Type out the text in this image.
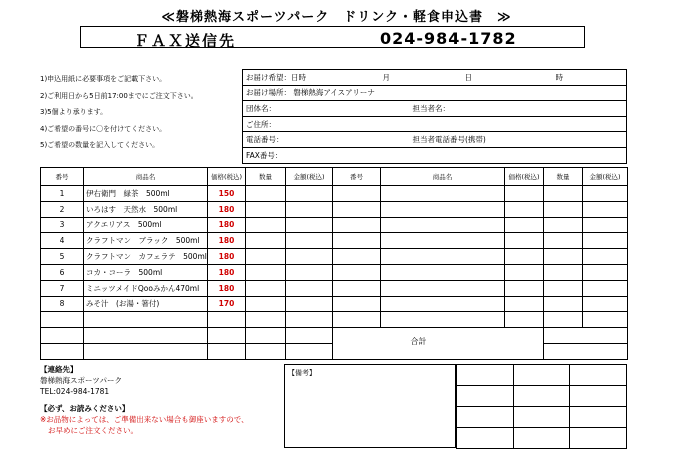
≪磐梯熱海スポーツパーク　ドリンク・軽食申込書　≫
ＦＡＸ送信先	024-984-1782
1)申込用紙に必要事項をご記載下さい。
2)ご利用日から5日前17:00までにご注文下さい。
3)5個より承ります。
4)ご希望の番号に〇を付けてください。
5)ご希望の数量を記入してください。
お届け希望：日時	月	日	時

お届け場所： 磐梯熱海アイスアリーナ
団体名：	担当者名：

ご住所：
電話番号：	担当者電話番号(携帯)

FAX番号：
番号	商品名	価格(税込)	数量	金額(税込)	番号	商品名	価格(税込)	数量	金額(税込)
1	伊右衛門　緑茶　500ml	150							
2	いろはす　天然水　500ml	180							
3	アクエリアス　500ml	180							
4	クラフトマン　ブラック　500ml	180							
5	クラフトマン　カフェラテ　500ml	180							
6	コカ・コーラ　500ml	180							
7	ミニッツメイドQooみかん470ml	180							
8	みそ汁　(お湯・箸付)	170							

合計
【連絡先】
磐梯熱海スポーツパーク
TEL:024-984-1781
【必ず、お読みください】
※お品物によっては、ご準備出来ない場合も御座いますので、
お早めにご注文ください。
【備考】
